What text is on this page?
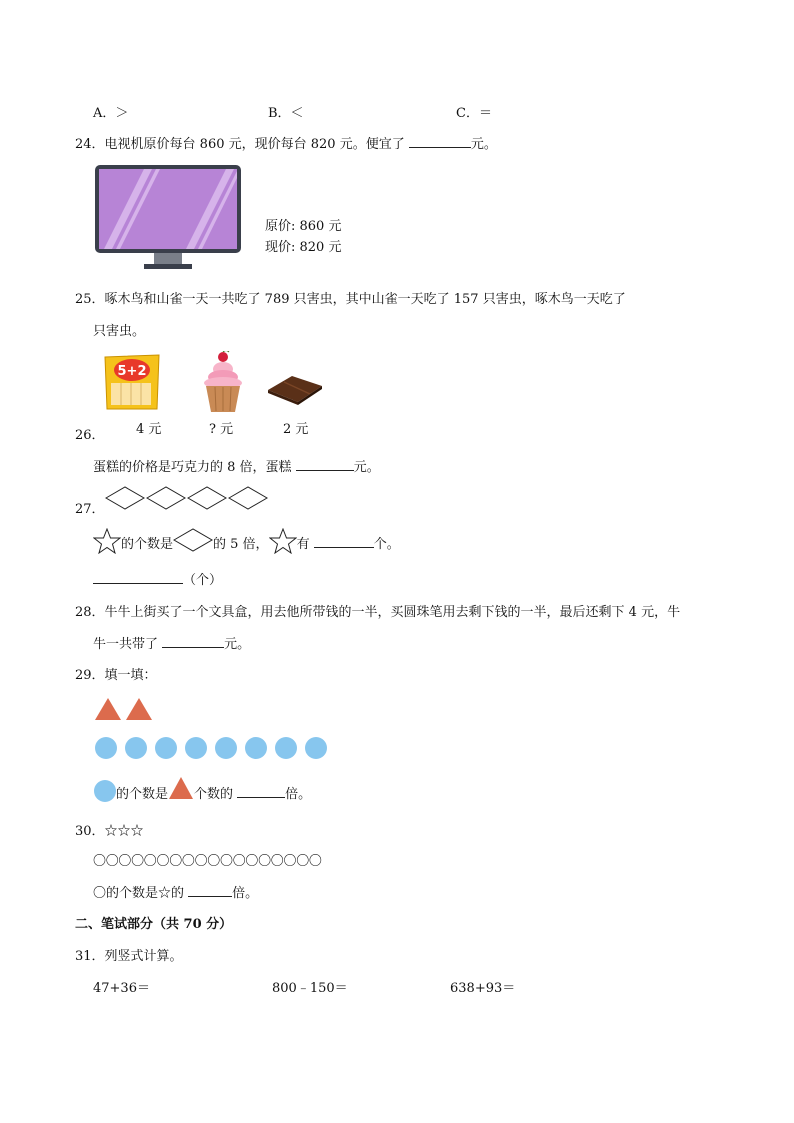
A．＞	B．＜	C．＝
24．电视机原价每台 860 元，现价每台 820 元。便宜了	元。
原价: 860 元
现价: 820 元
25．啄木鸟和山雀一天一共吃了 789 只害虫，其中山雀一天吃了 157 只害虫，啄木鸟一天吃了
只害虫。
5+2
4 元	? 元	2 元
26．
蛋糕的价格是巧克力的 8 倍，蛋糕	元。
27．
的个数是	的 5 倍， 有	个。
（个）
28．牛牛上街买了一个文具盒，用去他所带钱的一半，买圆珠笔用去剩下钱的一半，最后还剩下 4 元，牛
牛一共带了	元。
29．填一填：
的个数是 个数的	倍。
30．☆☆☆
〇〇〇〇〇〇〇〇〇〇〇〇〇〇〇〇〇〇
〇的个数是☆的	倍。
二、笔试部分（共 70 分）
31．列竖式计算。
47+36＝	800﹣150＝	638+93＝
